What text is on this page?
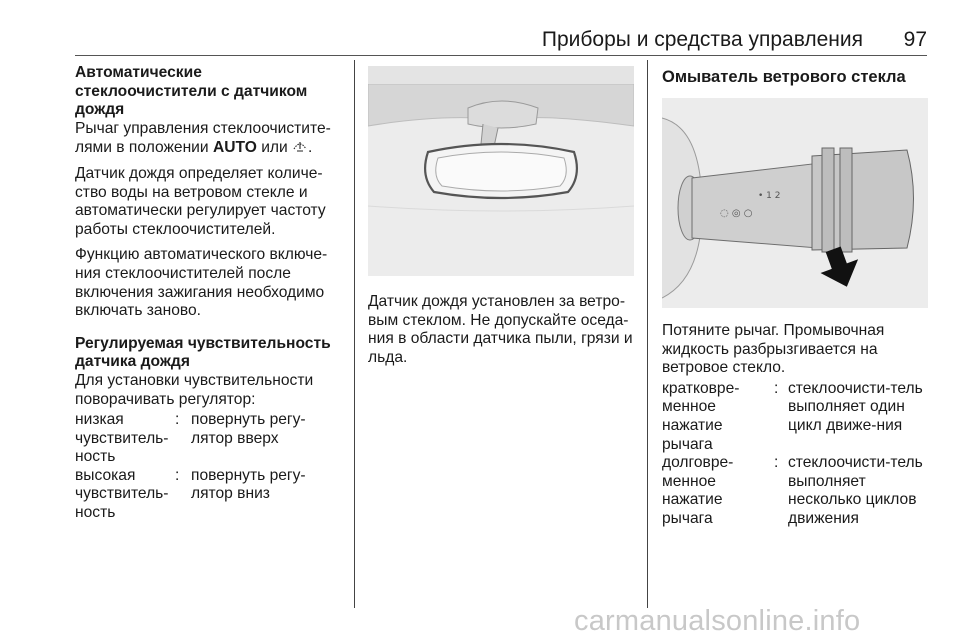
Приборы и средства управления 97

Автоматические стеклоочистители с датчиком дождя

Рычаг управления стеклоочистите-лями в положении AUTO или .

Датчик дождя определяет количе-ство воды на ветровом стекле и автоматически регулирует частоту работы стеклоочистителей.

Функцию автоматического включе-ния стеклоочистителей после включения зажигания необходимо включать заново.

Регулируемая чувствительность датчика дождя

Для установки чувствительности поворачивать регулятор:

низкая чувствитель-ность
: повернуть регу-лятор вверх
высокая чувствитель-ность
: повернуть регу-лятор вниз

Датчик дождя установлен за ветро-вым стеклом. Не допускайте оседа-ния в области датчика пыли, грязи и льда.

Омыватель ветрового стекла

◌ ◎ ○
• 1 2

Потяните рычаг. Промывочная жидкость разбрызгивается на ветровое стекло.

кратковре-менное нажатие рычага
: стеклоочисти-тель выполняет один цикл движе-ния
долговре-менное нажатие рычага
: стеклоочисти-тель выполняет несколько циклов движения
carmanualsonline.info
